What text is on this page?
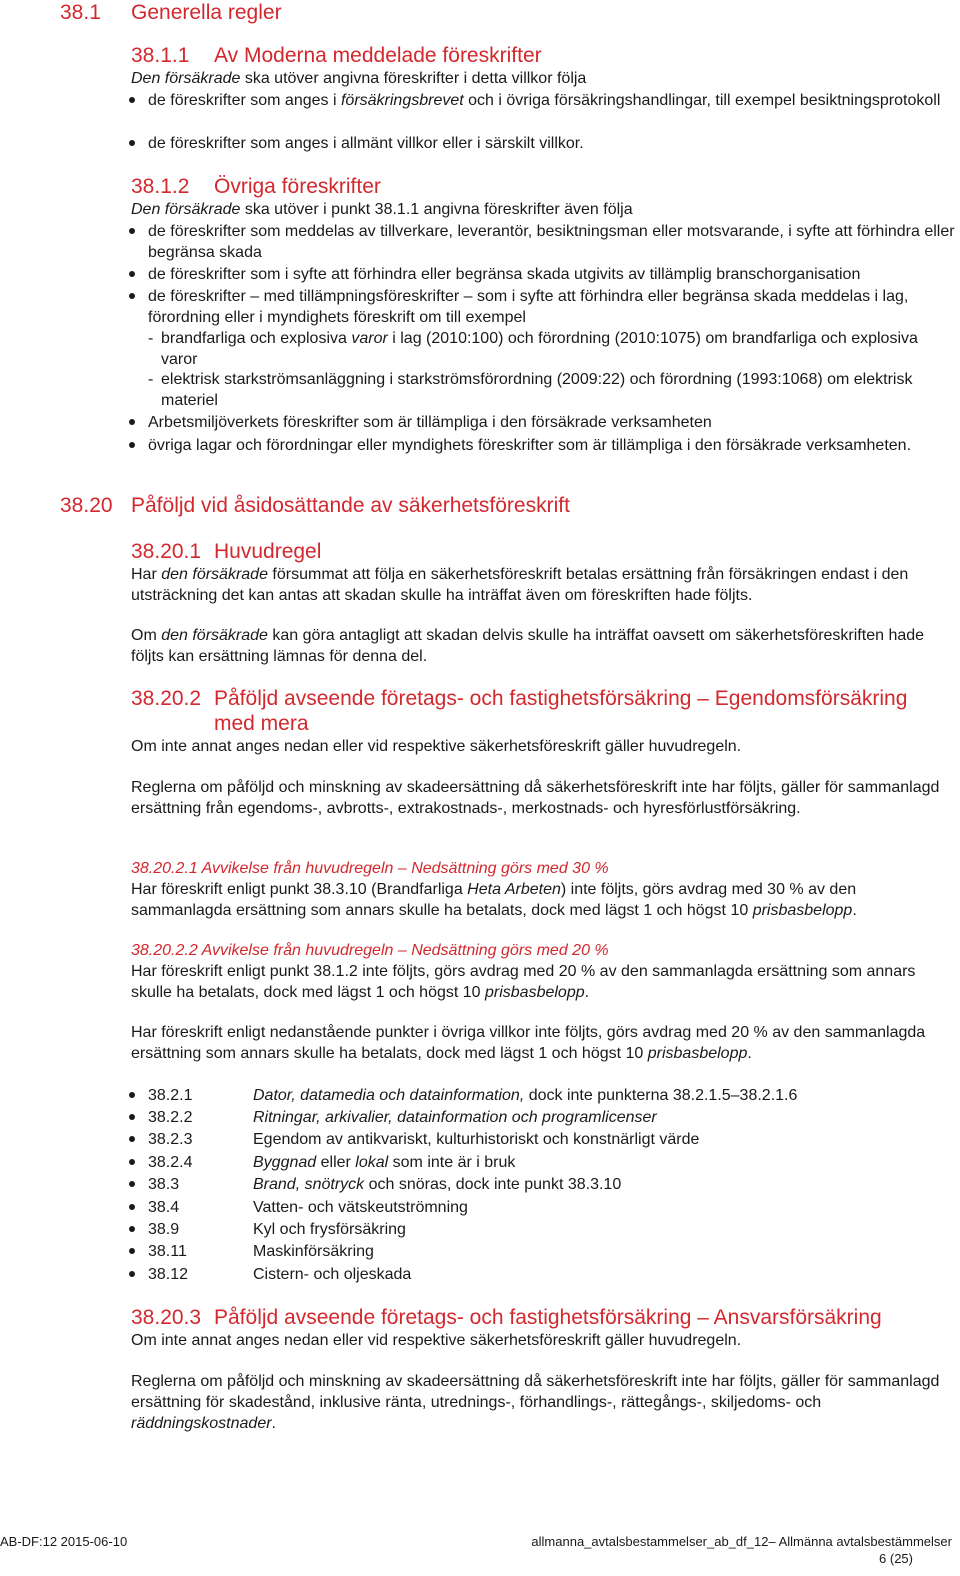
38.1 Generella regler
38.1.1 Av Moderna meddelade föreskrifter
Den försäkrade ska utöver angivna föreskrifter i detta villkor följa
de föreskrifter som anges i försäkringsbrevet och i övriga försäkringshandlingar, till exempel besiktningsprotokoll
de föreskrifter som anges i allmänt villkor eller i särskilt villkor.
38.1.2 Övriga föreskrifter
Den försäkrade ska utöver i punkt 38.1.1 angivna föreskrifter även följa
de föreskrifter som meddelas av tillverkare, leverantör, besiktningsman eller motsvarande, i syfte att förhindra eller begränsa skada
de föreskrifter som i syfte att förhindra eller begränsa skada utgivits av tillämplig branschorganisation
de föreskrifter – med tillämpningsföreskrifter – som i syfte att förhindra eller begränsa skada meddelas i lag, förordning eller i myndighets föreskrift om till exempel
- brandfarliga och explosiva varor i lag (2010:100) och förordning (2010:1075) om brandfarliga och explosiva varor
- elektrisk starkströmsanläggning i starkströmsförordning (2009:22) och förordning (1993:1068) om elektrisk materiel
Arbetsmiljöverkets föreskrifter som är tillämpliga i den försäkrade verksamheten
övriga lagar och förordningar eller myndighets föreskrifter som är tillämpliga i den försäkrade verksamheten.
38.20 Påföljd vid åsidosättande av säkerhetsföreskrift
38.20.1 Huvudregel
Har den försäkrade försummat att följa en säkerhetsföreskrift betalas ersättning från försäkringen endast i den utsträckning det kan antas att skadan skulle ha inträffat även om föreskriften hade följts.
Om den försäkrade kan göra antagligt att skadan delvis skulle ha inträffat oavsett om säkerhetsföreskriften hade följts kan ersättning lämnas för denna del.
38.20.2 Påföljd avseende företags- och fastighetsförsäkring – Egendomsförsäkring med mera
Om inte annat anges nedan eller vid respektive säkerhetsföreskrift gäller huvudregeln.
Reglerna om påföljd och minskning av skadeersättning då säkerhetsföreskrift inte har följts, gäller för sammanlagd ersättning från egendoms-, avbrotts-, extrakostnads-, merkostnads- och hyresförlustförsäkring.
38.20.2.1 Avvikelse från huvudregeln – Nedsättning görs med 30 %
Har föreskrift enligt punkt 38.3.10 (Brandfarliga Heta Arbeten) inte följts, görs avdrag med 30 % av den sammanlagda ersättning som annars skulle ha betalats, dock med lägst 1 och högst 10 prisbasbelopp.
38.20.2.2 Avvikelse från huvudregeln – Nedsättning görs med 20 %
Har föreskrift enligt punkt 38.1.2 inte följts, görs avdrag med 20 % av den sammanlagda ersättning som annars skulle ha betalats, dock med lägst 1 och högst 10 prisbasbelopp.
Har föreskrift enligt nedanstående punkter i övriga villkor inte följts, görs avdrag med 20 % av den sammanlagda ersättning som annars skulle ha betalats, dock med lägst 1 och högst 10 prisbasbelopp.
38.2.1	Dator, datamedia och datainformation, dock inte punkterna 38.2.1.5–38.2.1.6
38.2.2	Ritningar, arkivalier, datainformation och programlicenser
38.2.3	Egendom av antikvariskt, kulturhistoriskt och konstnärligt värde
38.2.4	Byggnad eller lokal som inte är i bruk
38.3	Brand, snötryck och snöras, dock inte punkt 38.3.10
38.4	Vatten- och vätskeutströmning
38.9	Kyl och frysförsäkring
38.11	Maskinförsäkring
38.12	Cistern- och oljeskada
38.20.3 Påföljd avseende företags- och fastighetsförsäkring – Ansvarsförsäkring
Om inte annat anges nedan eller vid respektive säkerhetsföreskrift gäller huvudregeln.
Reglerna om påföljd och minskning av skadeersättning då säkerhetsföreskrift inte har följts, gäller för sammanlagd ersättning för skadestånd, inklusive ränta, utrednings-, förhandlings-, rättegångs-, skiljedoms- och räddningskostnader.
AB-DF:12 2015-06-10	allmanna_avtalsbestammelser_ab_df_12– Allmänna avtalsbestämmelser
6 (25)
